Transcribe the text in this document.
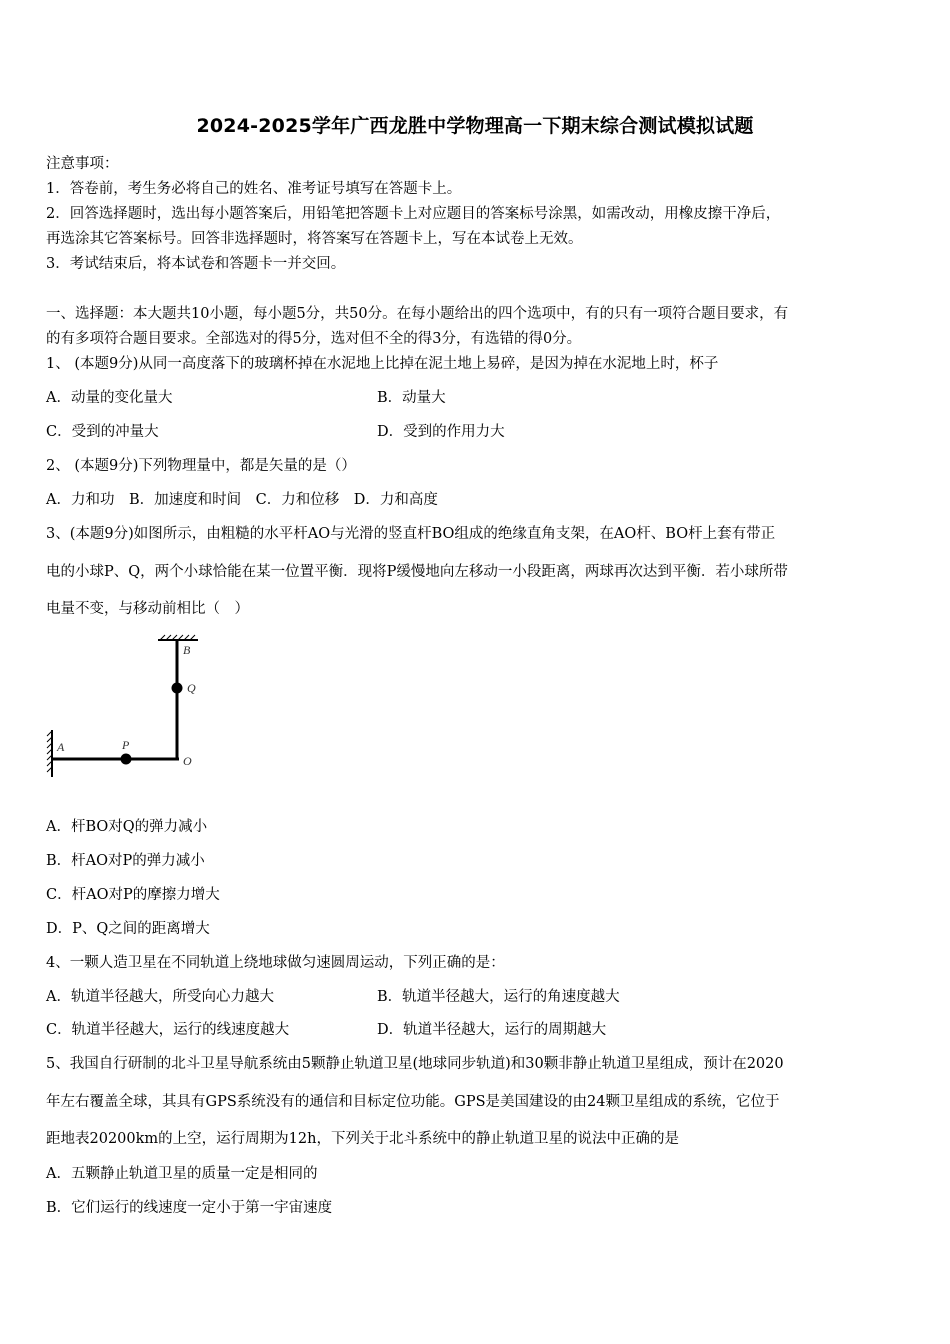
2024-2025学年广西龙胜中学物理高一下期末综合测试模拟试题
注意事项：
1．答卷前，考生务必将自己的姓名、准考证号填写在答题卡上。
2．回答选择题时，选出每小题答案后，用铅笔把答题卡上对应题目的答案标号涂黑，如需改动，用橡皮擦干净后，
再选涂其它答案标号。回答非选择题时，将答案写在答题卡上，写在本试卷上无效。
3．考试结束后，将本试卷和答题卡一并交回。
一、选择题：本大题共10小题，每小题5分，共50分。在每小题给出的四个选项中，有的只有一项符合题目要求，有
的有多项符合题目要求。全部选对的得5分，选对但不全的得3分，有选错的得0分。
1、 (本题9分)从同一高度落下的玻璃杯掉在水泥地上比掉在泥土地上易碎，是因为掉在水泥地上时，杯子
A．动量的变化量大	B．动量大
C．受到的冲量大	D．受到的作用力大
2、 (本题9分)下列物理量中，都是矢量的是（）
A．力和功　B．加速度和时间　C．力和位移　D．力和高度
3、(本题9分)如图所示，由粗糙的水平杆AO与光滑的竖直杆BO组成的绝缘直角支架，在AO杆、BO杆上套有带正
电的小球P、Q，两个小球恰能在某一位置平衡．现将P缓慢地向左移动一小段距离，两球再次达到平衡．若小球所带
电量不变，与移动前相比（　）
A
B
Q
P
O
A．杆BO对Q的弹力减小
B．杆AO对P的弹力减小
C．杆AO对P的摩擦力增大
D．P、Q之间的距离增大
4、一颗人造卫星在不同轨道上绕地球做匀速圆周运动，下列正确的是：
A．轨道半径越大，所受向心力越大	B．轨道半径越大，运行的角速度越大
C．轨道半径越大，运行的线速度越大	D．轨道半径越大，运行的周期越大
5、我国自行研制的北斗卫星导航系统由5颗静止轨道卫星(地球同步轨道)和30颗非静止轨道卫星组成，预计在2020
年左右覆盖全球，其具有GPS系统没有的通信和目标定位功能。GPS是美国建设的由24颗卫星组成的系统，它位于
距地表20200km的上空，运行周期为12h，下列关于北斗系统中的静止轨道卫星的说法中正确的是
A．五颗静止轨道卫星的质量一定是相同的
B．它们运行的线速度一定小于第一宇宙速度
